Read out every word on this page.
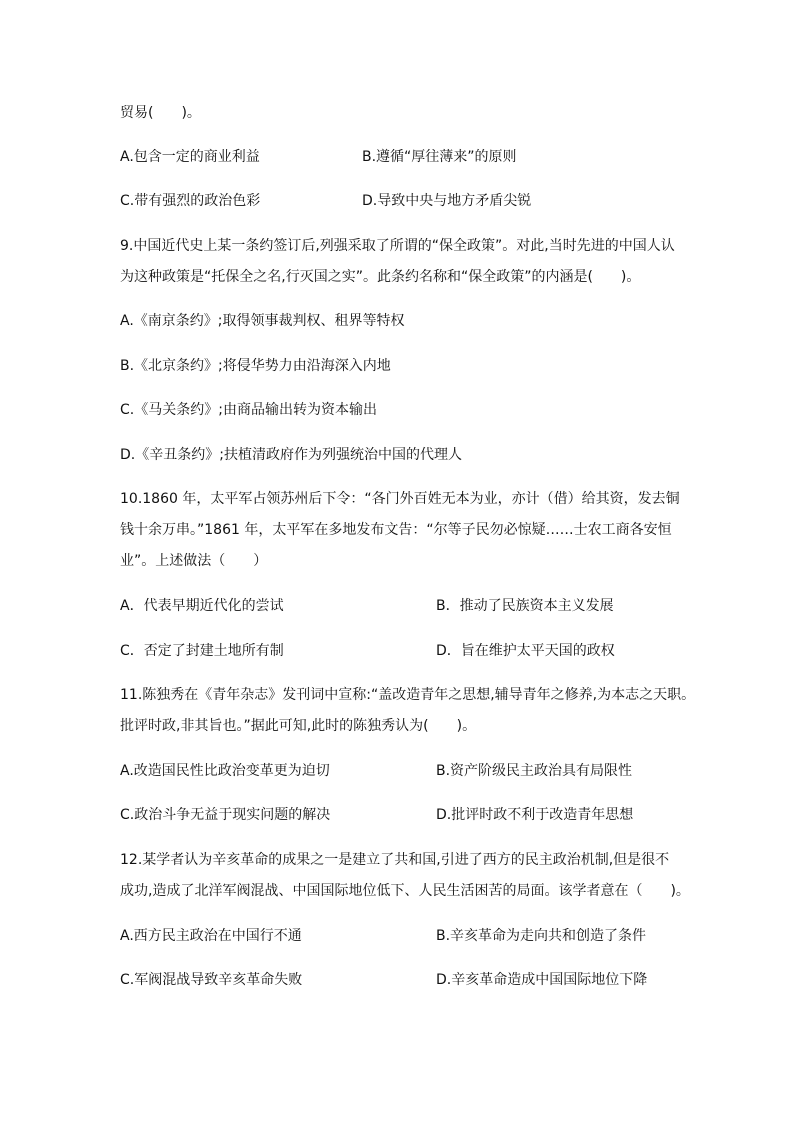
贸易(　　)。
A.包含一定的商业利益	B.遵循“厚往薄来”的原则
C.带有强烈的政治色彩	D.导致中央与地方矛盾尖锐
9.中国近代史上某一条约签订后,列强采取了所谓的“保全政策”。对此,当时先进的中国人认
为这种政策是“托保全之名,行灭国之实”。此条约名称和“保全政策”的内涵是(　　)。
A.《南京条约》;取得领事裁判权、租界等特权
B.《北京条约》;将侵华势力由沿海深入内地
C.《马关条约》;由商品输出转为资本输出
D.《辛丑条约》;扶植清政府作为列强统治中国的代理人
10.1860 年，太平军占领苏州后下令：“各门外百姓无本为业，亦计（借）给其资，发去铜
钱十余万串。”1861 年，太平军在多地发布文告：“尔等子民勿必惊疑……士农工商各安恒
业”。上述做法（　　）
A．代表早期近代化的尝试	B．推动了民族资本主义发展
C．否定了封建土地所有制	D．旨在维护太平天国的政权
11.陈独秀在《青年杂志》发刊词中宣称:“盖改造青年之思想,辅导青年之修养,为本志之天职。
批评时政,非其旨也。”据此可知,此时的陈独秀认为(　　)。
A.改造国民性比政治变革更为迫切	B.资产阶级民主政治具有局限性
C.政治斗争无益于现实问题的解决	D.批评时政不利于改造青年思想
12.某学者认为辛亥革命的成果之一是建立了共和国,引进了西方的民主政治机制,但是很不
成功,造成了北洋军阀混战、中国国际地位低下、人民生活困苦的局面。该学者意在（　　)。
A.西方民主政治在中国行不通	B.辛亥革命为走向共和创造了条件
C.军阀混战导致辛亥革命失败	D.辛亥革命造成中国国际地位下降
